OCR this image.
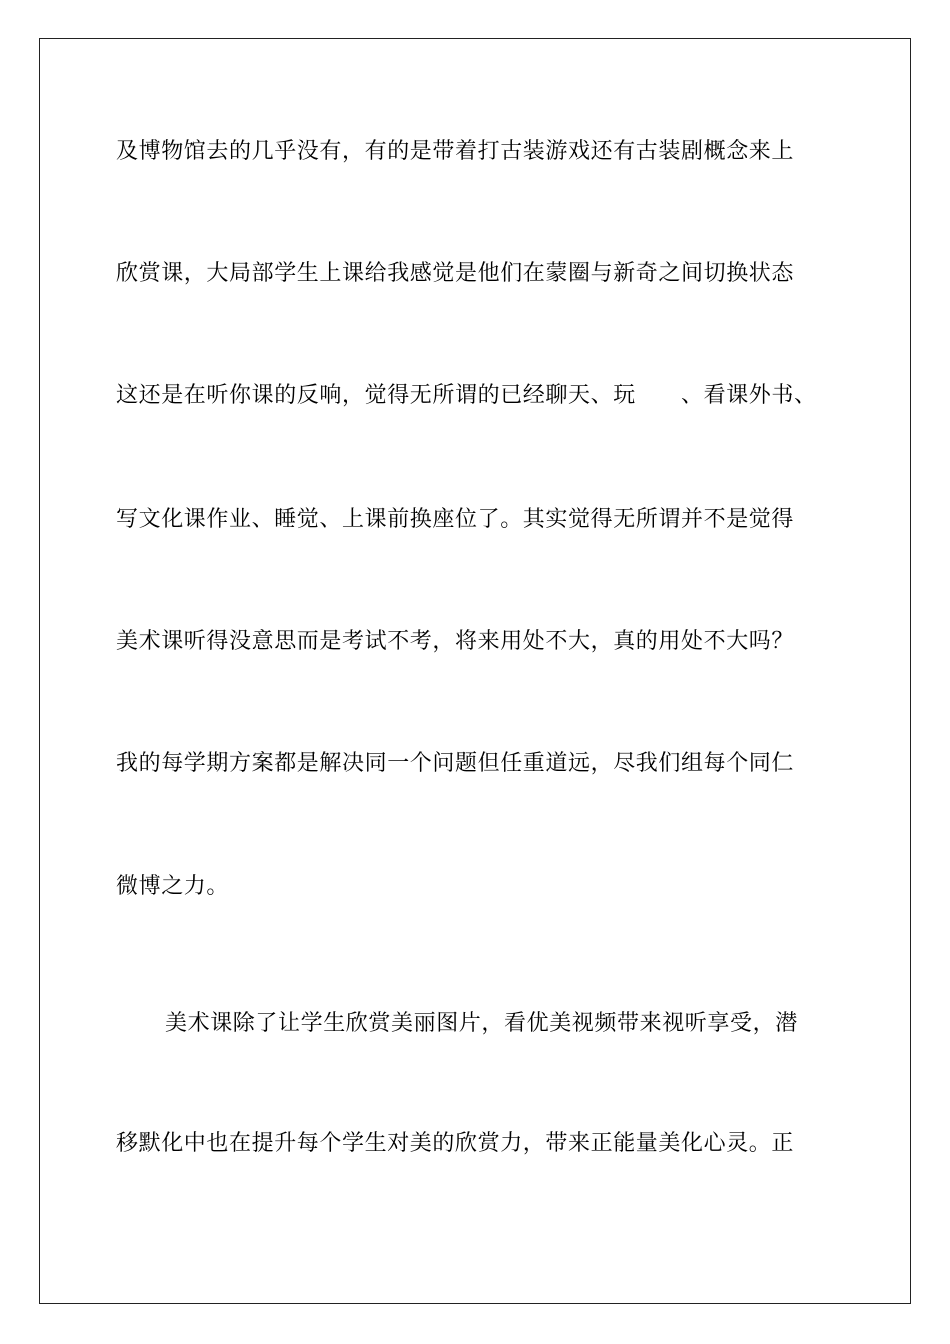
及博物馆去的几乎没有，有的是带着打古装游戏还有古装剧概念来上
欣赏课，大局部学生上课给我感觉是他们在蒙圈与新奇之间切换状态
这还是在听你课的反响，觉得无所谓的已经聊天、玩　　、看课外书、
写文化课作业、睡觉、上课前换座位了。其实觉得无所谓并不是觉得
美术课听得没意思而是考试不考，将来用处不大，真的用处不大吗？
我的每学期方案都是解决同一个问题但任重道远，尽我们组每个同仁
微博之力。
美术课除了让学生欣赏美丽图片，看优美视频带来视听享受，潜
移默化中也在提升每个学生对美的欣赏力，带来正能量美化心灵。正
